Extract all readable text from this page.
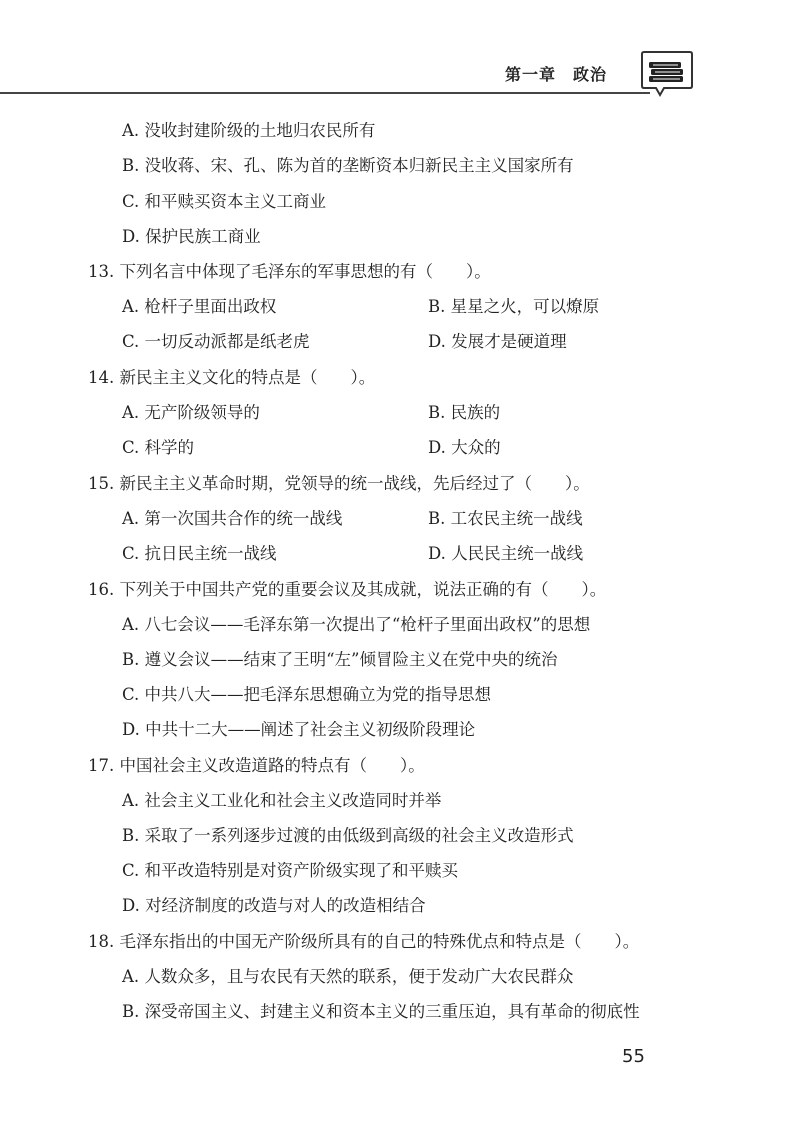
第一章　政治
A. 没收封建阶级的土地归农民所有
B. 没收蒋、宋、孔、陈为首的垄断资本归新民主主义国家所有
C. 和平赎买资本主义工商业
D. 保护民族工商业
13. 下列名言中体现了毛泽东的军事思想的有（　　）。
A. 枪杆子里面出政权	B. 星星之火，可以燎原
C. 一切反动派都是纸老虎	D. 发展才是硬道理
14. 新民主主义文化的特点是（　　）。
A. 无产阶级领导的	B. 民族的
C. 科学的	D. 大众的
15. 新民主主义革命时期，党领导的统一战线，先后经过了（　　）。
A. 第一次国共合作的统一战线	B. 工农民主统一战线
C. 抗日民主统一战线	D. 人民民主统一战线
16. 下列关于中国共产党的重要会议及其成就，说法正确的有（　　）。
A. 八七会议——毛泽东第一次提出了“枪杆子里面出政权”的思想
B. 遵义会议——结束了王明“左”倾冒险主义在党中央的统治
C. 中共八大——把毛泽东思想确立为党的指导思想
D. 中共十二大——阐述了社会主义初级阶段理论
17. 中国社会主义改造道路的特点有（　　）。
A. 社会主义工业化和社会主义改造同时并举
B. 采取了一系列逐步过渡的由低级到高级的社会主义改造形式
C. 和平改造特别是对资产阶级实现了和平赎买
D. 对经济制度的改造与对人的改造相结合
18. 毛泽东指出的中国无产阶级所具有的自己的特殊优点和特点是（　　）。
A. 人数众多，且与农民有天然的联系，便于发动广大农民群众
B. 深受帝国主义、封建主义和资本主义的三重压迫，具有革命的彻底性
55
